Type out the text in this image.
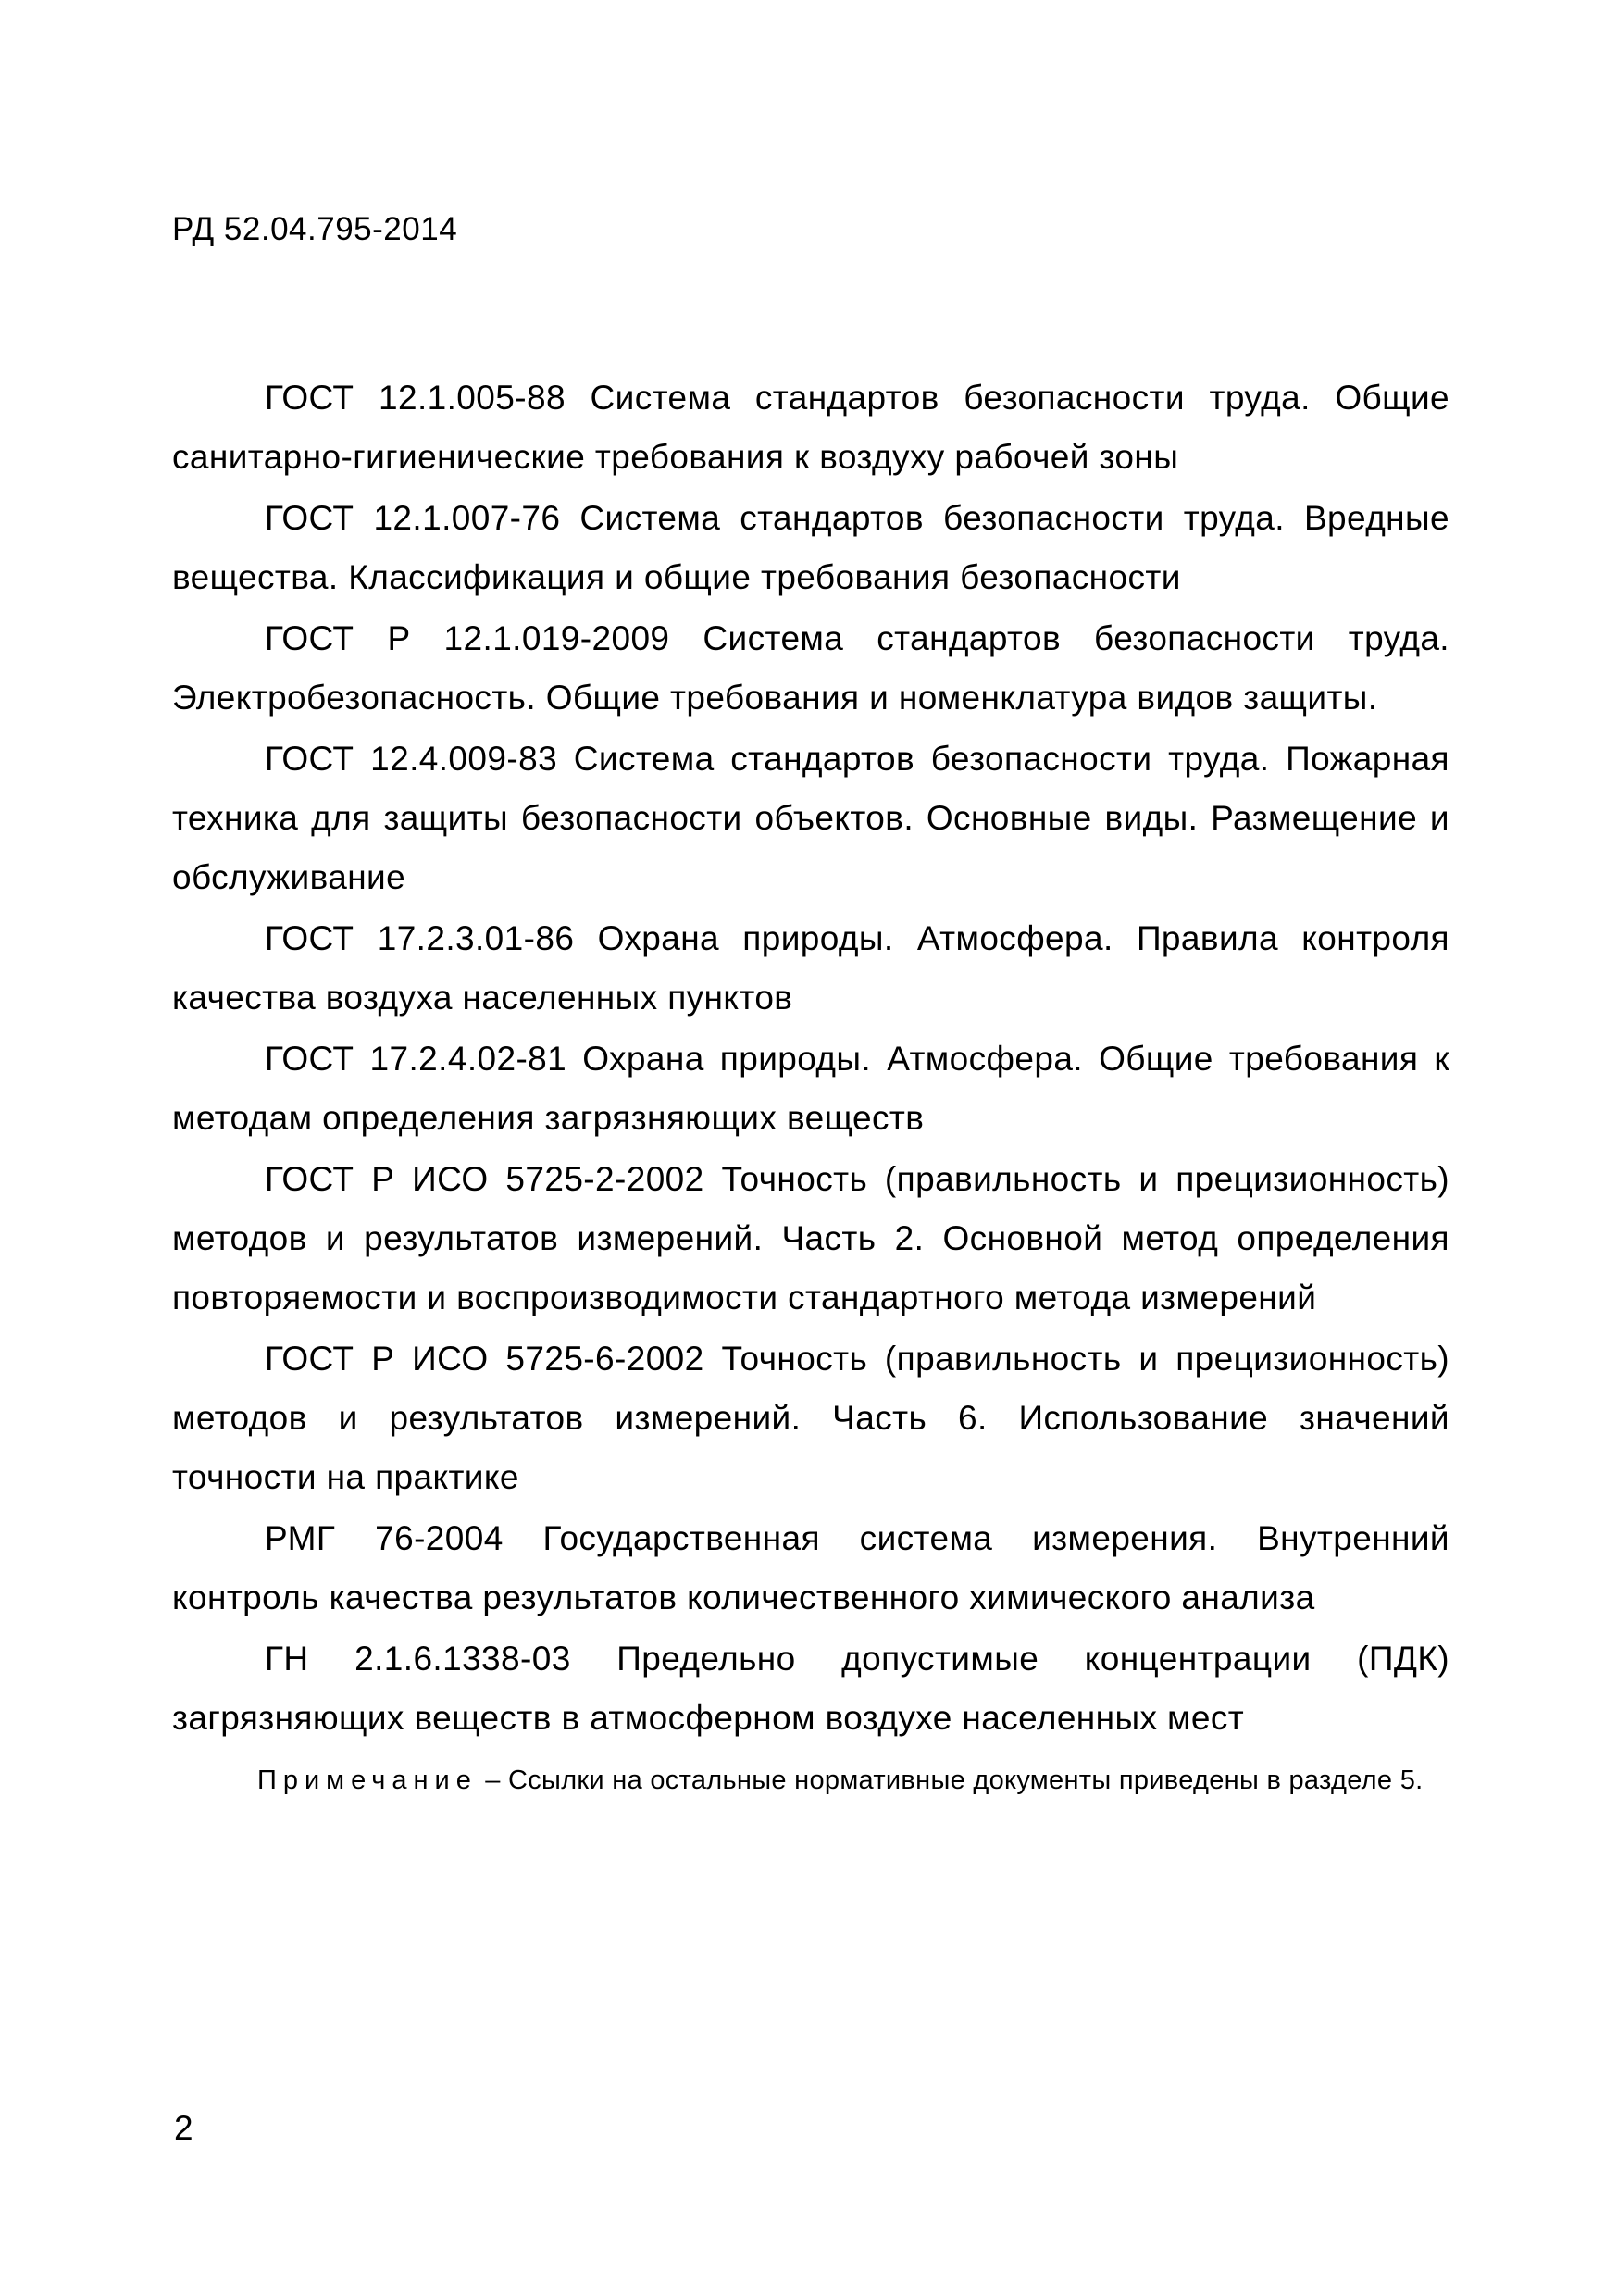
РД 52.04.795-2014

ГОСТ 12.1.005-88 Система стандартов безопасности труда. Общие санитарно-гигиенические требования к воздуху рабочей зоны

ГОСТ 12.1.007-76 Система стандартов безопасности труда. Вредные вещества. Классификация и общие требования безопасности

ГОСТ Р 12.1.019-2009 Система стандартов безопасности труда. Электробезопасность. Общие требования и номенклатура видов защиты.

ГОСТ 12.4.009-83 Система стандартов безопасности труда. Пожарная техника для защиты безопасности объектов. Основные виды. Размещение и обслуживание

ГОСТ 17.2.3.01-86 Охрана природы. Атмосфера. Правила контроля качества воздуха населенных пунктов

ГОСТ 17.2.4.02-81 Охрана природы. Атмосфера. Общие требования к методам определения загрязняющих веществ

ГОСТ Р ИСО 5725-2-2002 Точность (правильность и прецизионность) методов и результатов измерений. Часть 2. Основной метод определения повторяемости и воспроизводимости стандартного метода измерений

ГОСТ Р ИСО 5725-6-2002 Точность (правильность и прецизионность) методов и результатов измерений. Часть 6. Использование значений точности на практике

РМГ 76-2004 Государственная система измерения. Внутренний контроль качества результатов количественного химического анализа

ГН 2.1.6.1338-03 Предельно допустимые концентрации (ПДК) загрязняющих веществ в атмосферном воздухе населенных мест

Примечание – Ссылки на остальные нормативные документы приведены в разделе 5.

2
